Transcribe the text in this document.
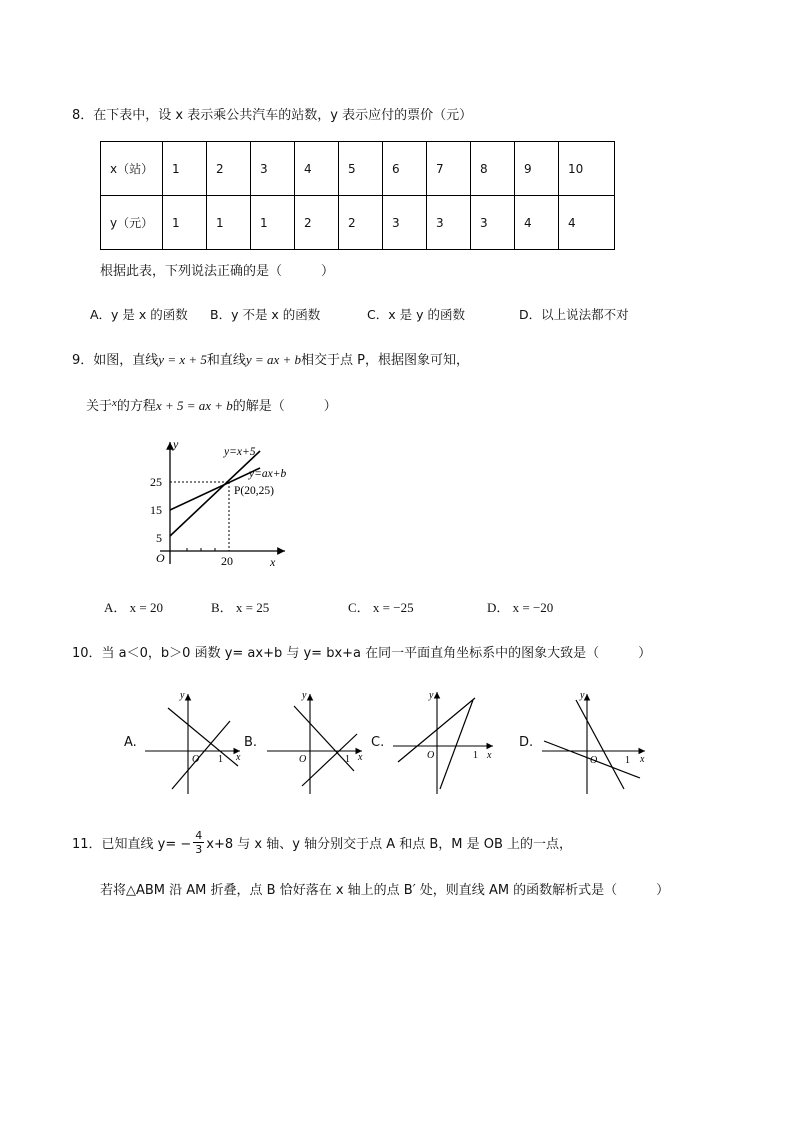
8．在下表中，设 x 表示乘公共汽车的站数，y 表示应付的票价（元）
x（站）	1	2	3	4	5	6	7	8	9	10
y（元）	1	1	1	2	2	3	3	3	4	4
根据此表，下列说法正确的是（　　　）
A．y 是 x 的函数 B．y 不是 x 的函数	C．x 是 y 的函数	D．以上说法都不对
9．如图，直线y = x + 5和直线y = ax + b相交于点 P，根据图象可知，
关于$^x$的方程x + 5 = ax + b的解是（　　　）
y
x
O
y=x+5
y=ax+b
P(20,25)
25
15
5
20
A． x = 20	B． x = 25	C． x = −25	D． x = −20
10．当 a＜0，b＞0 函数 y= ax+b 与 y= bx+a 在同一平面直角坐标系中的图象大致是（　　　）
A.	B.	C.	D.
y
x
O 1
y
x
O	1
y
x
O	1
y
x
O	1
11． 已知直线 $y= - \frac{4}{3} x+8$ 与 x 轴、y 轴分别交于点 A 和点 B，M 是 OB 上的一点，
若将△ABM 沿 AM 折叠，点 B 恰好落在 x 轴上的点 B′ 处，则直线 AM 的函数解析式是（　　　）
